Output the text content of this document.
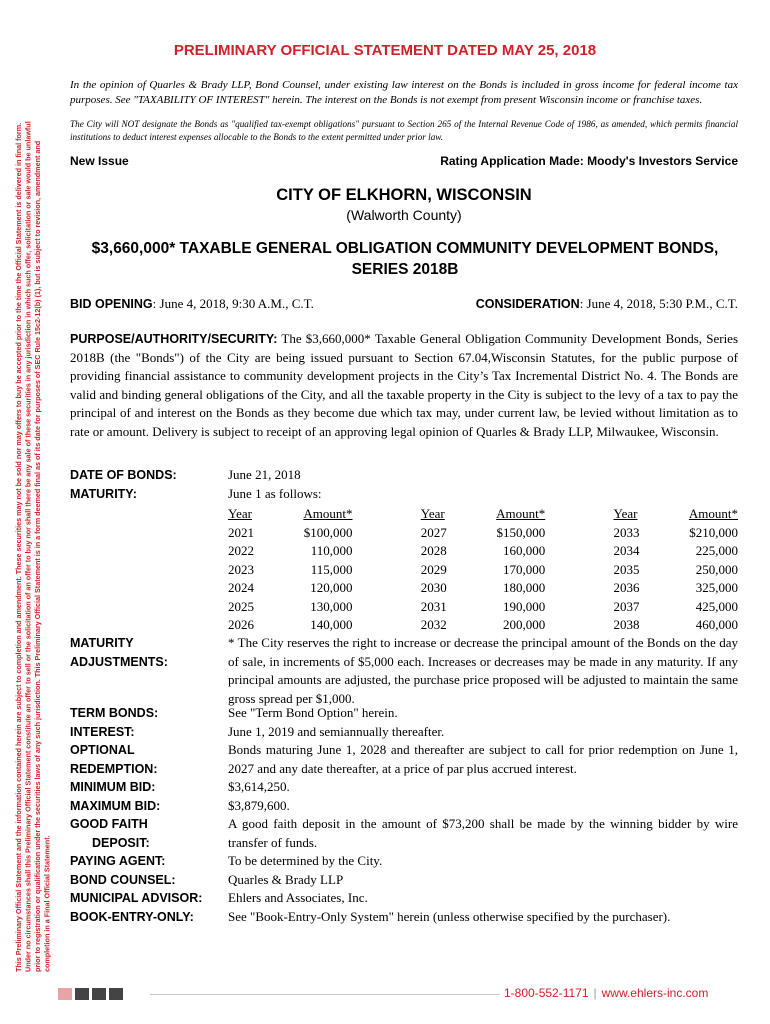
This Preliminary Official Statement and the information contained herein are subject to completion and amendment. These securities may not be sold nor may offers to buy be accepted prior to the time the Official Statement is delivered in final form. Under no circumstances shall this Preliminary Official Statement constitute an offer to sell or the solicitation of an offer to buy nor shall there be any sale of these securities in any jurisdiction in which such offer, solicitation or sale would be unlawful prior to registration or qualification under the securities laws of any such jurisdiction. This Preliminary Official Statement is in a form deemed final as of its date for purposes of SEC Rule 15c2-12(b) (1), but is subject to revision, amendment and completion in a Final Official Statement.
PRELIMINARY OFFICIAL STATEMENT DATED MAY 25, 2018
In the opinion of Quarles & Brady LLP, Bond Counsel, under existing law interest on the Bonds is included in gross income for federal income tax purposes. See "TAXABILITY OF INTEREST" herein. The interest on the Bonds is not exempt from present Wisconsin income or franchise taxes.
The City will NOT designate the Bonds as "qualified tax-exempt obligations" pursuant to Section 265 of the Internal Revenue Code of 1986, as amended, which permits financial institutions to deduct interest expenses allocable to the Bonds to the extent permitted under prior law.
New Issue	Rating Application Made: Moody's Investors Service
CITY OF ELKHORN, WISCONSIN
(Walworth County)
$3,660,000* TAXABLE GENERAL OBLIGATION COMMUNITY DEVELOPMENT BONDS,
SERIES 2018B
BID OPENING: June 4, 2018, 9:30 A.M., C.T.	CONSIDERATION: June 4, 2018, 5:30 P.M., C.T.
PURPOSE/AUTHORITY/SECURITY: The $3,660,000* Taxable General Obligation Community Development Bonds, Series 2018B (the "Bonds") of the City are being issued pursuant to Section 67.04,Wisconsin Statutes, for the public purpose of providing financial assistance to community development projects in the City’s Tax Incremental District No. 4. The Bonds are valid and binding general obligations of the City, and all the taxable property in the City is subject to the levy of a tax to pay the principal of and interest on the Bonds as they become due which tax may, under current law, be levied without limitation as to rate or amount. Delivery is subject to receipt of an approving legal opinion of Quarles & Brady LLP, Milwaukee, Wisconsin.
DATE OF BONDS:	June 21, 2018
MATURITY:	June 1 as follows:
Year	Amount*		Year	Amount*		Year	Amount*
2021	$100,000		2027	$150,000		2033	$210,000
2022	110,000		2028	160,000		2034	225,000
2023	115,000		2029	170,000		2035	250,000
2024	120,000		2030	180,000		2036	325,000
2025	130,000		2031	190,000		2037	425,000
2026	140,000		2032	200,000		2038	460,000
MATURITY
ADJUSTMENTS:
* The City reserves the right to increase or decrease the principal amount of the Bonds on the day of sale, in increments of $5,000 each. Increases or decreases may be made in any maturity. If any principal amounts are adjusted, the purchase price proposed will be adjusted to maintain the same gross spread per $1,000.
TERM BONDS:	See "Term Bond Option" herein.
INTEREST:	June 1, 2019 and semiannually thereafter.
OPTIONAL
REDEMPTION:
Bonds maturing June 1, 2028 and thereafter are subject to call for prior redemption on June 1, 2027 and any date thereafter, at a price of par plus accrued interest.
MINIMUM BID:	$3,614,250.
MAXIMUM BID:	$3,879,600.
GOOD FAITH
DEPOSIT:
A good faith deposit in the amount of $73,200 shall be made by the winning bidder by wire transfer of funds.
PAYING AGENT:	To be determined by the City.
BOND COUNSEL:	Quarles & Brady LLP
MUNICIPAL ADVISOR:	Ehlers and Associates, Inc.
BOOK-ENTRY-ONLY:	See "Book-Entry-Only System" herein (unless otherwise specified by the purchaser).
1-800-552-1171 | www.ehlers-inc.com
